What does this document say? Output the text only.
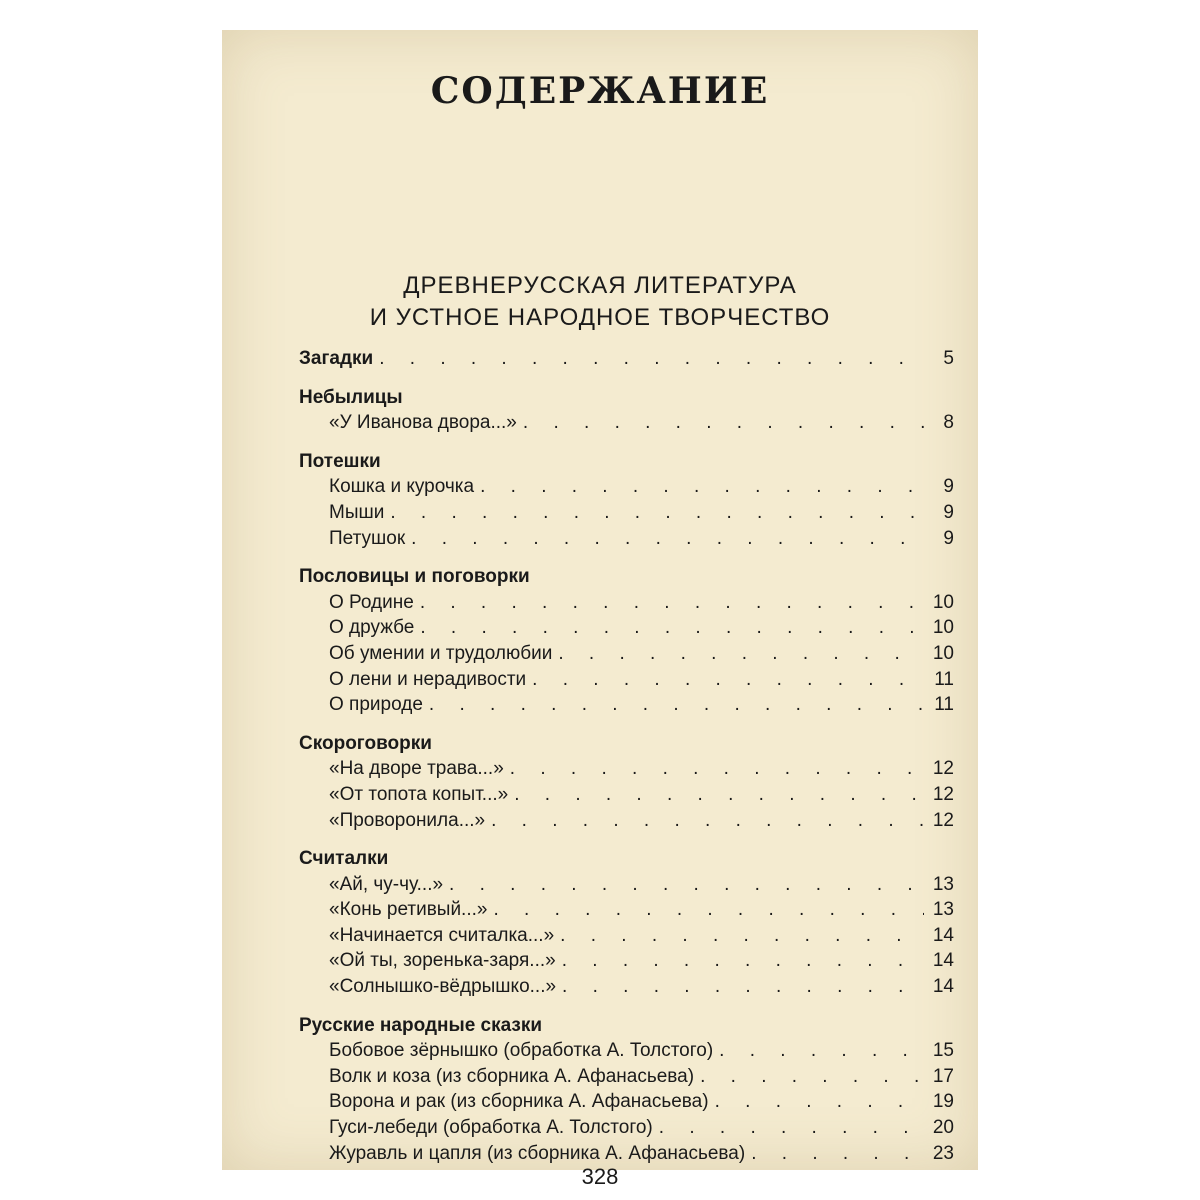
СОДЕРЖАНИЕ
ДРЕВНЕРУССКАЯ ЛИТЕРАТУРА
И УСТНОЕ НАРОДНОЕ ТВОРЧЕСТВО
Загадки . . .	5
Небылицы
«У Иванова двора...» . . .	8
Потешки
Кошка и курочка . . .	9
Мыши . . .	9
Петушок . . .	9
Пословицы и поговорки
О Родине . . .	10
О дружбе . . .	10
Об умении и трудолюбии . . .	10
О лени и нерадивости . . .	11
О природе . . .	11
Скороговорки
«На дворе трава...» . . .	12
«От топота копыт...» . . .	12
«Проворонила...» . . .	12
Считалки
«Ай, чу-чу...» . . .	13
«Конь ретивый...» . . .	13
«Начинается считалка...» . . .	14
«Ой ты, зоренька-заря...» . . .	14
«Солнышко-вёдрышко...» . . .	14
Русские народные сказки
Бобовое зёрнышко (обработка А. Толстого) . . .	15
Волк и коза (из сборника А. Афанасьева) . . .	17
Ворона и рак (из сборника А. Афанасьева) . . .	19
Гуси-лебеди (обработка А. Толстого) . . .	20
Журавль и цапля (из сборника А. Афанасьева) . . .	23
328
